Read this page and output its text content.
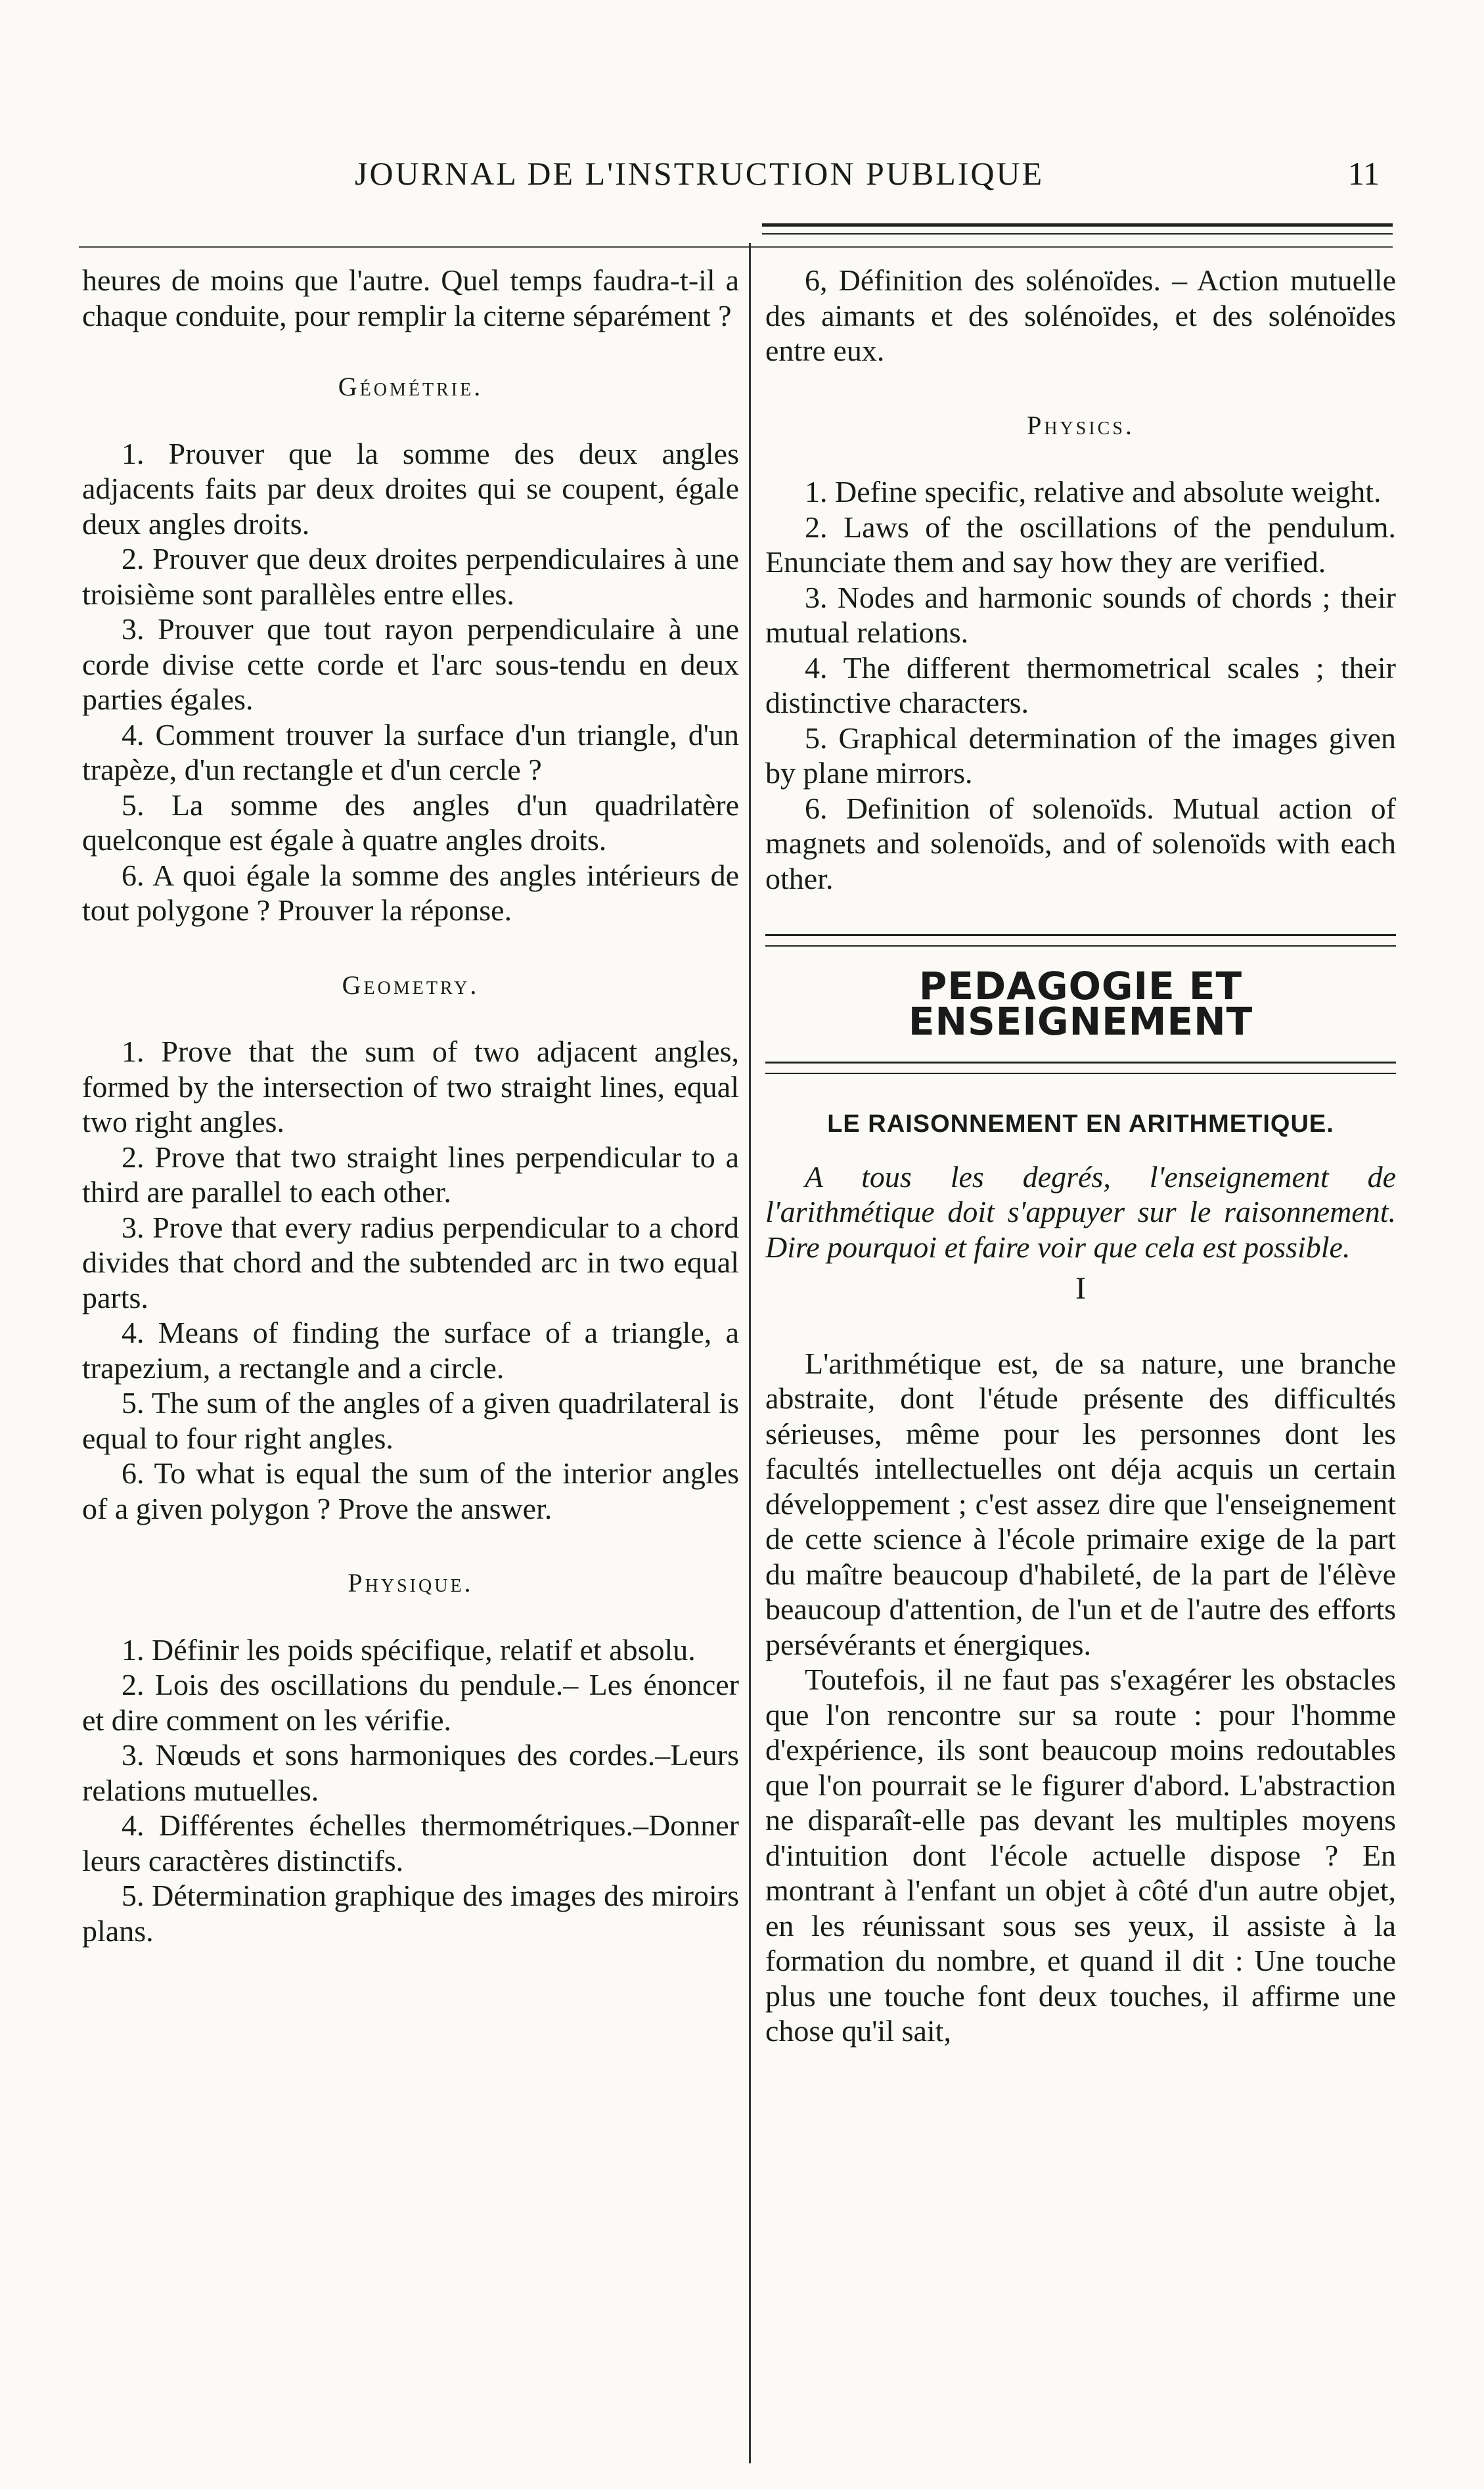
JOURNAL DE L'INSTRUCTION PUBLIQUE	11

heures de moins que l'autre. Quel temps faudra-t-il a chaque conduite, pour remplir la citerne séparément ?

Géométrie.

1. Prouver que la somme des deux angles adjacents faits par deux droites qui se coupent, égale deux angles droits.

2. Prouver que deux droites perpendiculaires à une troisième sont parallèles entre elles.

3. Prouver que tout rayon perpendiculaire à une corde divise cette corde et l'arc sous-tendu en deux parties égales.

4. Comment trouver la surface d'un triangle, d'un trapèze, d'un rectangle et d'un cercle ?

5. La somme des angles d'un quadrilatère quelconque est égale à quatre angles droits.

6. A quoi égale la somme des angles intérieurs de tout polygone ? Prouver la réponse.

Geometry.

1. Prove that the sum of two adjacent angles, formed by the intersection of two straight lines, equal two right angles.

2. Prove that two straight lines perpendicular to a third are parallel to each other.

3. Prove that every radius perpendicular to a chord divides that chord and the subtended arc in two equal parts.

4. Means of finding the surface of a triangle, a trapezium, a rectangle and a circle.

5. The sum of the angles of a given quadrilateral is equal to four right angles.

6. To what is equal the sum of the interior angles of a given polygon ? Prove the answer.

Physique.

1. Définir les poids spécifique, relatif et absolu.

2. Lois des oscillations du pendule.– Les énoncer et dire comment on les vérifie.

3. Nœuds et sons harmoniques des cordes.–Leurs relations mutuelles.

4. Différentes échelles thermométriques.–Donner leurs caractères distinctifs.

5. Détermination graphique des images des miroirs plans.

6, Définition des solénoïdes. – Action mutuelle des aimants et des solénoïdes, et des solénoïdes entre eux.

Physics.

1. Define specific, relative and absolute weight.

2. Laws of the oscillations of the pendulum. Enunciate them and say how they are verified.

3. Nodes and harmonic sounds of chords ; their mutual relations.

4. The different thermometrical scales ; their distinctive characters.

5. Graphical determination of the images given by plane mirrors.

6. Definition of solenoïds. Mutual action of magnets and solenoïds, and of solenoïds with each other.

PEDAGOGIE ET ENSEIGNEMENT
LE RAISONNEMENT EN ARITHMETIQUE.

A tous les degrés, l'enseignement de l'arithmétique doit s'appuyer sur le raisonnement. Dire pourquoi et faire voir que cela est possible.

I

L'arithmétique est, de sa nature, une branche abstraite, dont l'étude présente des difficultés sérieuses, même pour les personnes dont les facultés intellectuelles ont déja acquis un certain développement ; c'est assez dire que l'enseignement de cette science à l'école primaire exige de la part du maître beaucoup d'habileté, de la part de l'élève beaucoup d'attention, de l'un et de l'autre des efforts persévérants et énergiques.

Toutefois, il ne faut pas s'exagérer les obstacles que l'on rencontre sur sa route : pour l'homme d'expérience, ils sont beaucoup moins redoutables que l'on pourrait se le figurer d'abord. L'abstraction ne disparaît-elle pas devant les multiples moyens d'intuition dont l'école actuelle dispose ? En montrant à l'enfant un objet à côté d'un autre objet, en les réunissant sous ses yeux, il assiste à la formation du nombre, et quand il dit : Une touche plus une touche font deux touches, il affirme une chose qu'il sait,
